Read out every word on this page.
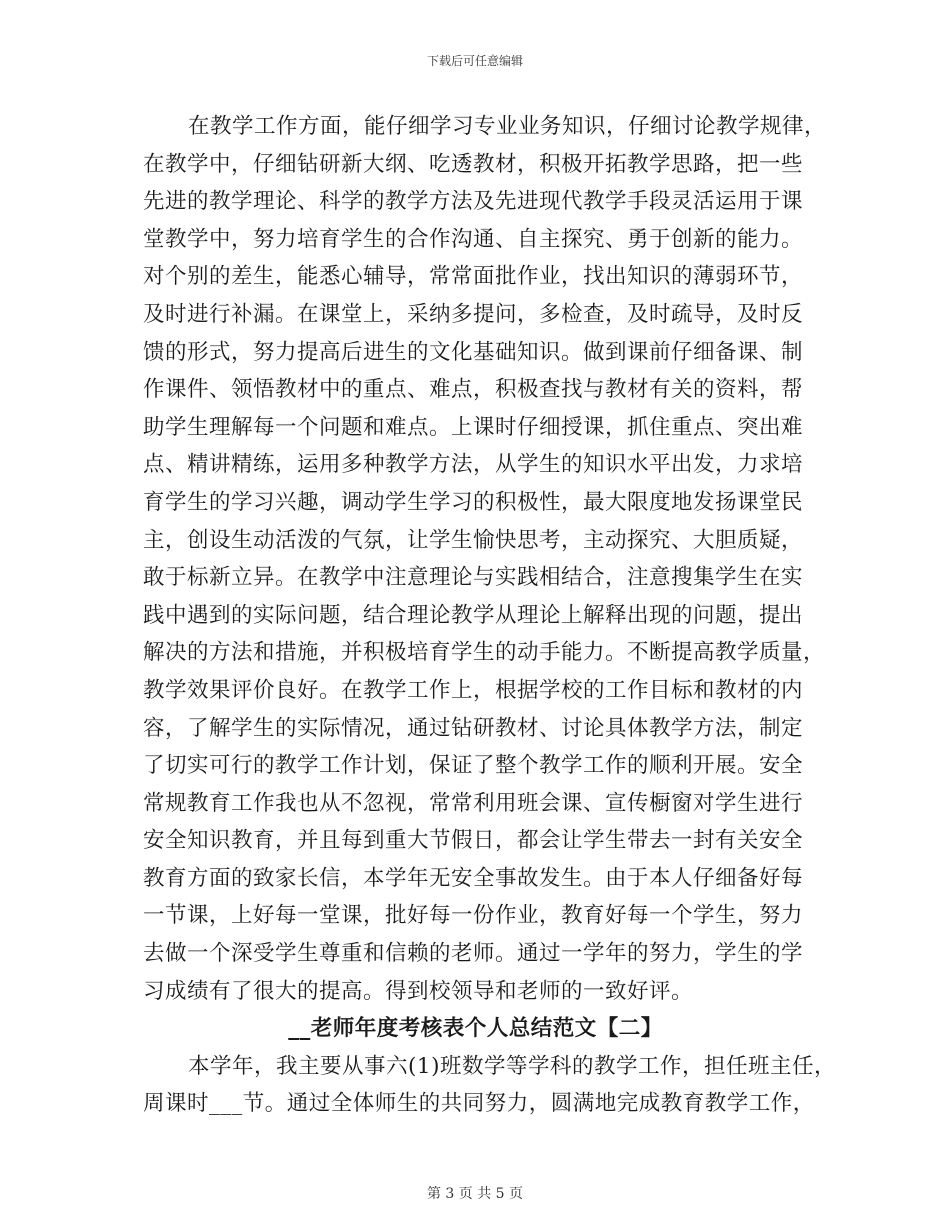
下载后可任意编辑
在教学工作方面，能仔细学习专业业务知识，仔细讨论教学规律，
在教学中，仔细钻研新大纲、吃透教材，积极开拓教学思路，把一些
先进的教学理论、科学的教学方法及先进现代教学手段灵活运用于课
堂教学中，努力培育学生的合作沟通、自主探究、勇于创新的能力。
对个别的差生，能悉心辅导，常常面批作业，找出知识的薄弱环节，
及时进行补漏。在课堂上，采纳多提问，多检查，及时疏导，及时反
馈的形式，努力提高后进生的文化基础知识。做到课前仔细备课、制
作课件、领悟教材中的重点、难点，积极查找与教材有关的资料，帮
助学生理解每一个问题和难点。上课时仔细授课，抓住重点、突出难
点、精讲精练，运用多种教学方法，从学生的知识水平出发，力求培
育学生的学习兴趣，调动学生学习的积极性，最大限度地发扬课堂民
主，创设生动活泼的气氛，让学生愉快思考，主动探究、大胆质疑，
敢于标新立异。在教学中注意理论与实践相结合，注意搜集学生在实
践中遇到的实际问题，结合理论教学从理论上解释出现的问题，提出
解决的方法和措施，并积极培育学生的动手能力。不断提高教学质量，
教学效果评价良好。在教学工作上，根据学校的工作目标和教材的内
容，了解学生的实际情况，通过钻研教材、讨论具体教学方法，制定
了切实可行的教学工作计划，保证了整个教学工作的顺利开展。安全
常规教育工作我也从不忽视，常常利用班会课、宣传橱窗对学生进行
安全知识教育，并且每到重大节假日，都会让学生带去一封有关安全
教育方面的致家长信，本学年无安全事故发生。由于本人仔细备好每
一节课，上好每一堂课，批好每一份作业，教育好每一个学生，努力
去做一个深受学生尊重和信赖的老师。通过一学年的努力，学生的学
习成绩有了很大的提高。得到校领导和老师的一致好评。
__老师年度考核表个人总结范文【二】
本学年，我主要从事六(1)班数学等学科的教学工作，担任班主任，
周课时___节。通过全体师生的共同努力，圆满地完成教育教学工作，
第 3 页 共 5 页
